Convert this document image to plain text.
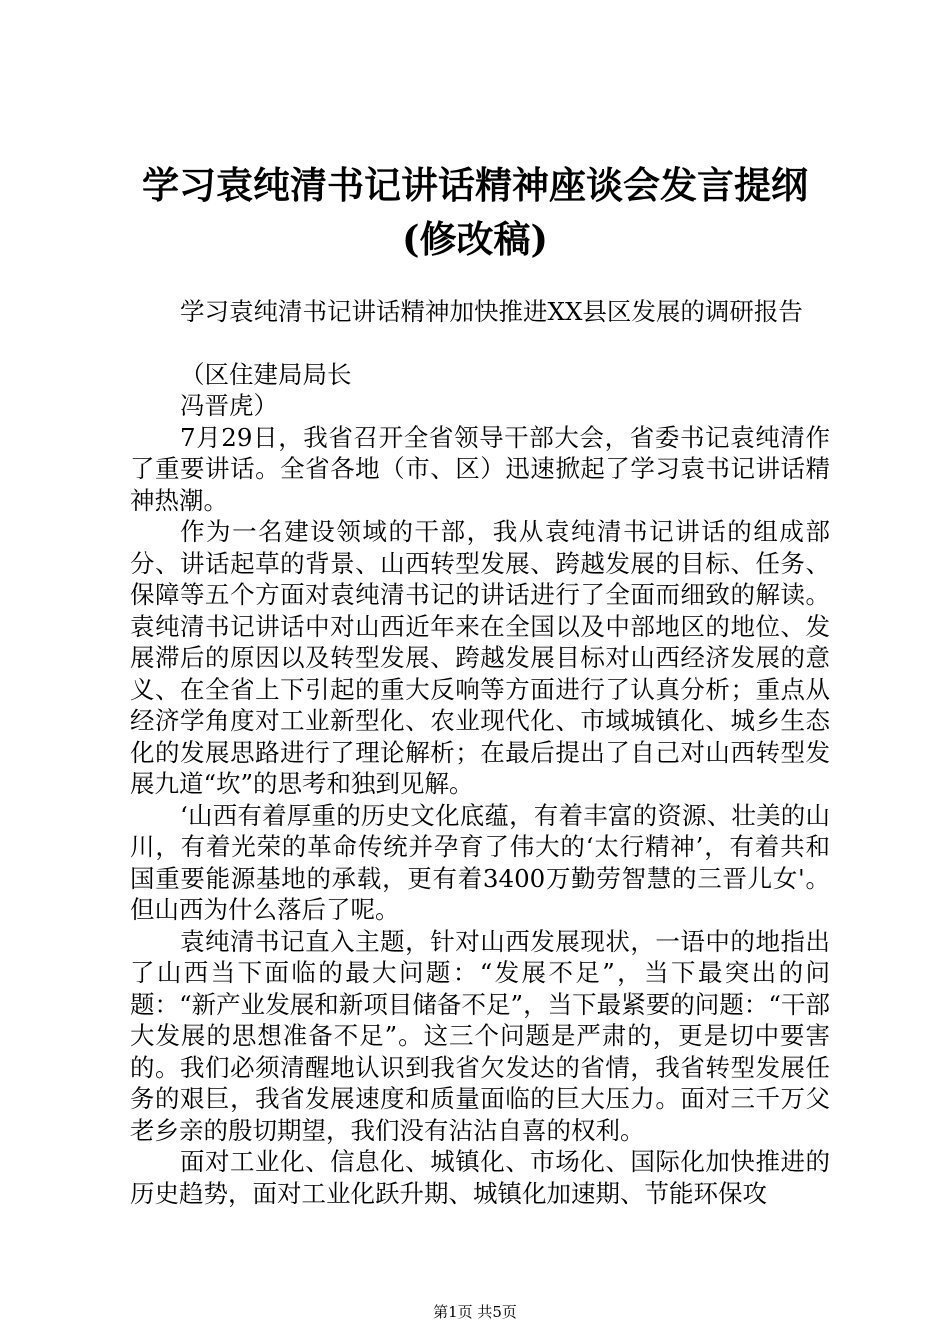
学习袁纯清书记讲话精神座谈会发言提纲(修改稿)

学习袁纯清书记讲话精神加快推进XX县区发展的调研报告

（区住建局局长

冯晋虎）

7月29日，我省召开全省领导干部大会，省委书记袁纯清作了重要讲话。全省各地（市、区）迅速掀起了学习袁书记讲话精神热潮。

作为一名建设领域的干部，我从袁纯清书记讲话的组成部分、讲话起草的背景、山西转型发展、跨越发展的目标、任务、保障等五个方面对袁纯清书记的讲话进行了全面而细致的解读。袁纯清书记讲话中对山西近年来在全国以及中部地区的地位、发展滞后的原因以及转型发展、跨越发展目标对山西经济发展的意义、在全省上下引起的重大反响等方面进行了认真分析；重点从经济学角度对工业新型化、农业现代化、市域城镇化、城乡生态化的发展思路进行了理论解析；在最后提出了自己对山西转型发展九道“坎”的思考和独到见解。

‘山西有着厚重的历史文化底蕴，有着丰富的资源、壮美的山川，有着光荣的革命传统并孕育了伟大的‘太行精神’，有着共和国重要能源基地的承载，更有着3400万勤劳智慧的三晋儿女'。但山西为什么落后了呢。

袁纯清书记直入主题，针对山西发展现状，一语中的地指出了山西当下面临的最大问题：“发展不足”，当下最突出的问题：“新产业发展和新项目储备不足”，当下最紧要的问题：“干部大发展的思想准备不足”。这三个问题是严肃的，更是切中要害的。我们必须清醒地认识到我省欠发达的省情，我省转型发展任务的艰巨，我省发展速度和质量面临的巨大压力。面对三千万父老乡亲的殷切期望，我们没有沾沾自喜的权利。

面对工业化、信息化、城镇化、市场化、国际化加快推进的历史趋势，面对工业化跃升期、城镇化加速期、节能环保攻

第1页 共5页
